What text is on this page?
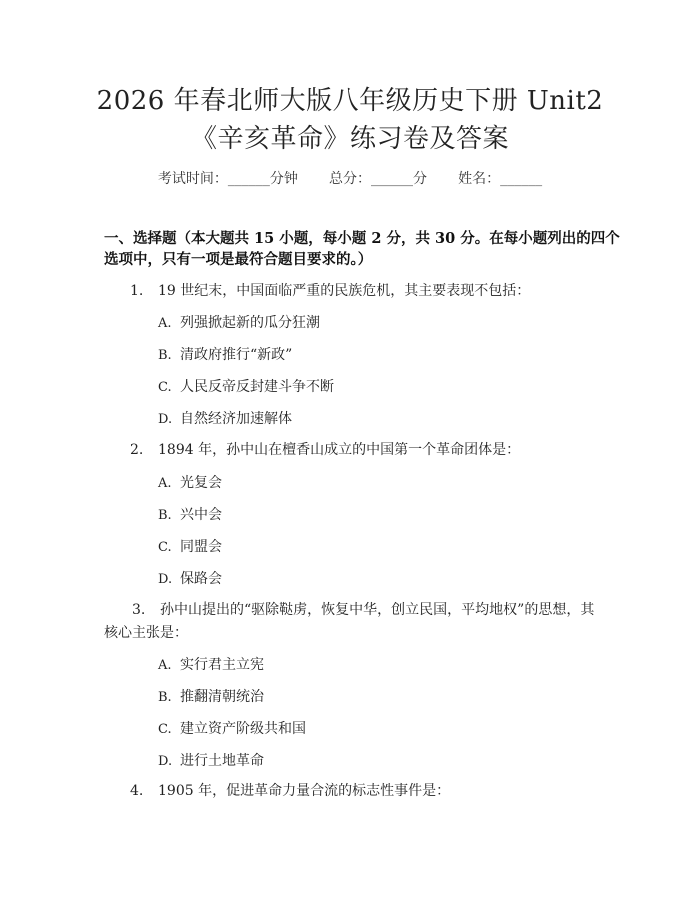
2026 年春北师大版八年级历史下册 Unit2
《辛亥革命》练习卷及答案
考试时间：______分钟 总分：______分 姓名：______
一、选择题（本大题共 15 小题，每小题 2 分，共 30 分。在每小题列出的四个选项中，只有一项是最符合题目要求的。）
1. 19 世纪末，中国面临严重的民族危机，其主要表现不包括：
A. 列强掀起新的瓜分狂潮
B. 清政府推行“新政”
C. 人民反帝反封建斗争不断
D. 自然经济加速解体
2. 1894 年，孙中山在檀香山成立的中国第一个革命团体是：
A. 光复会
B. 兴中会
C. 同盟会
D. 保路会
3. 孙中山提出的“驱除鞑虏，恢复中华，创立民国，平均地权”的思想，其
核心主张是：
A. 实行君主立宪
B. 推翻清朝统治
C. 建立资产阶级共和国
D. 进行土地革命
4. 1905 年，促进革命力量合流的标志性事件是：
